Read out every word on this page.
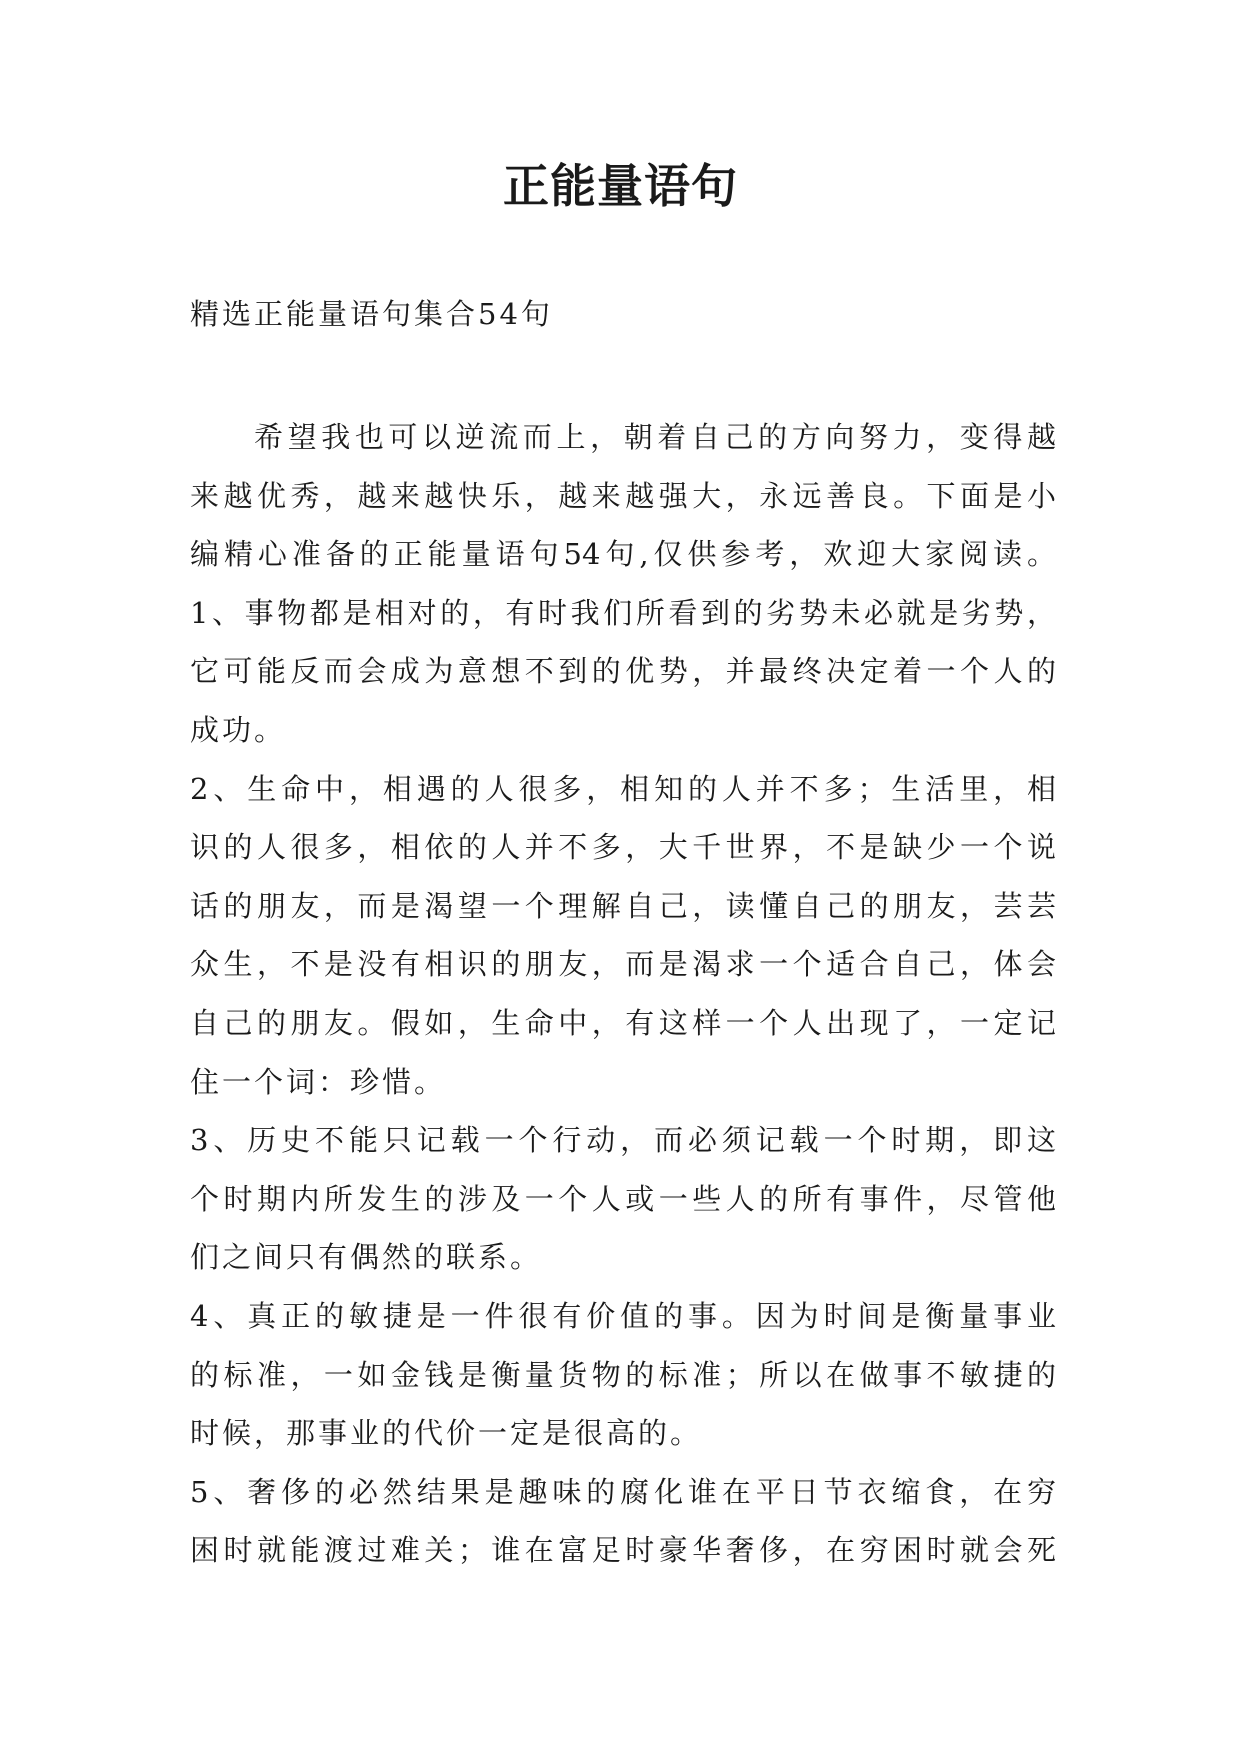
正能量语句
精选正能量语句集合54句
希望我也可以逆流而上，朝着自己的方向努力，变得越
来越优秀，越来越快乐，越来越强大，永远善良。下面是小
编精心准备的正能量语句54句,仅供参考，欢迎大家阅读。
1、事物都是相对的，有时我们所看到的劣势未必就是劣势，
它可能反而会成为意想不到的优势，并最终决定着一个人的
成功。
2、生命中，相遇的人很多，相知的人并不多；生活里，相
识的人很多，相依的人并不多，大千世界，不是缺少一个说
话的朋友，而是渴望一个理解自己，读懂自己的朋友，芸芸
众生，不是没有相识的朋友，而是渴求一个适合自己，体会
自己的朋友。假如，生命中，有这样一个人出现了，一定记
住一个词：珍惜。
3、历史不能只记载一个行动，而必须记载一个时期，即这
个时期内所发生的涉及一个人或一些人的所有事件，尽管他
们之间只有偶然的联系。
4、真正的敏捷是一件很有价值的事。因为时间是衡量事业
的标准，一如金钱是衡量货物的标准；所以在做事不敏捷的
时候，那事业的代价一定是很高的。
5、奢侈的必然结果是趣味的腐化谁在平日节衣缩食，在穷
困时就能渡过难关；谁在富足时豪华奢侈，在穷困时就会死
